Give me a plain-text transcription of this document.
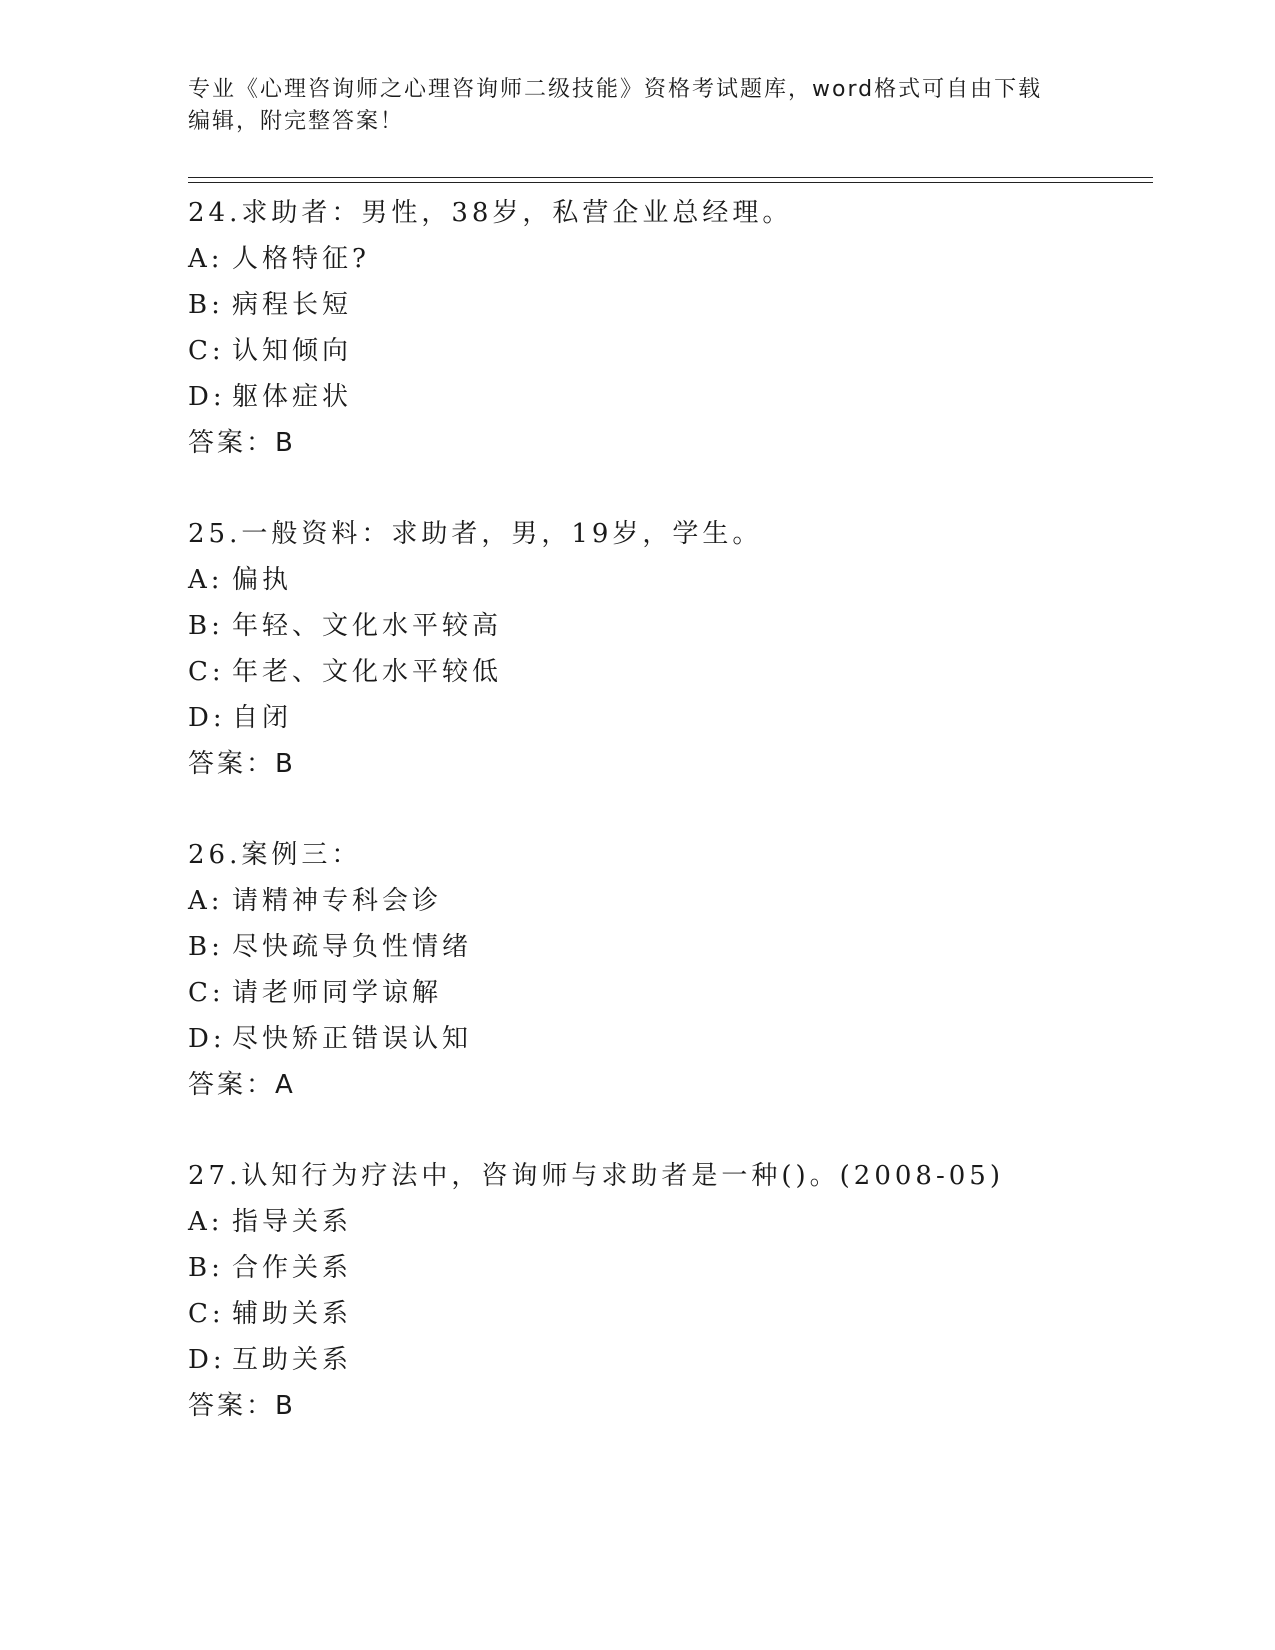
专业《心理咨询师之心理咨询师二级技能》资格考试题库，word格式可自由下载
编辑，附完整答案！
24.求助者：男性，38岁，私营企业总经理。
A: 人格特征?
B: 病程长短
C: 认知倾向
D: 躯体症状
答案：B
25.一般资料：求助者，男，19岁，学生。
A: 偏执
B: 年轻、文化水平较高
C: 年老、文化水平较低
D: 自闭
答案：B
26.案例三：
A: 请精神专科会诊
B: 尽快疏导负性情绪
C: 请老师同学谅解
D: 尽快矫正错误认知
答案：A
27.认知行为疗法中，咨询师与求助者是一种()。(2008-05)
A: 指导关系
B: 合作关系
C: 辅助关系
D: 互助关系
答案：B
